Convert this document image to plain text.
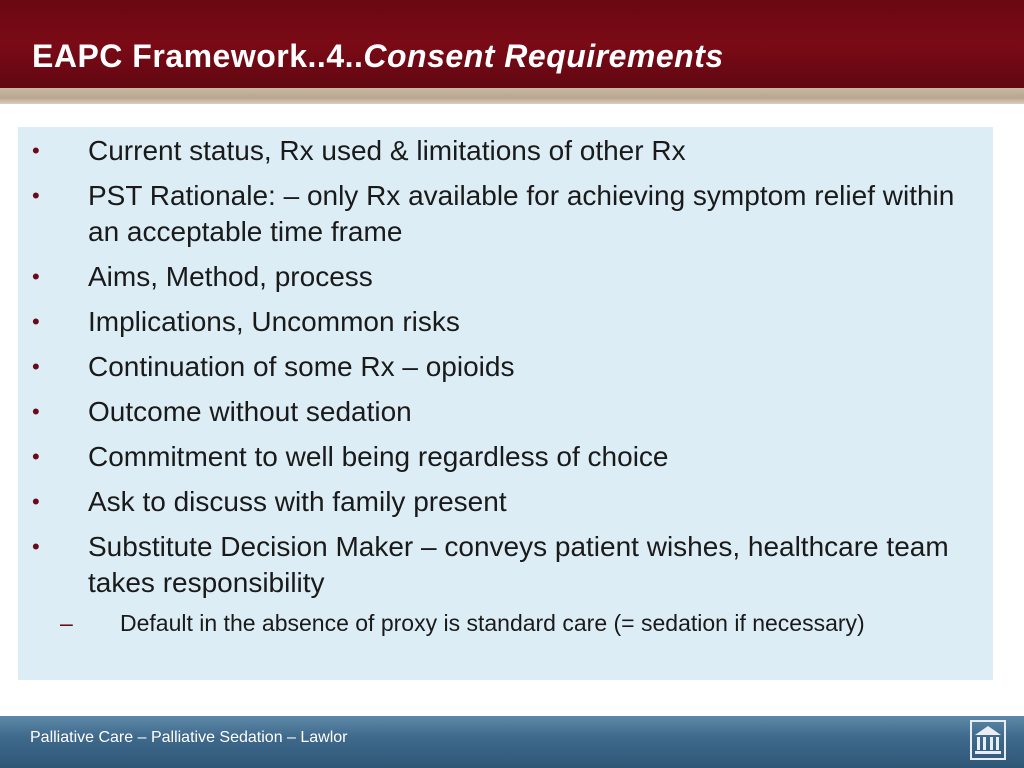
EAPC Framework..4..Consent Requirements
• Current status, Rx used & limitations of other Rx
• PST Rationale: – only Rx available for achieving symptom relief within an acceptable time frame
• Aims, Method, process
• Implications, Uncommon risks
• Continuation of some Rx – opioids
• Outcome without sedation
• Commitment to well being regardless of choice
• Ask to discuss with family present
• Substitute Decision Maker – conveys patient wishes, healthcare team takes responsibility
– Default in the absence of proxy is standard care (= sedation if necessary)
Palliative Care – Palliative Sedation – Lawlor
